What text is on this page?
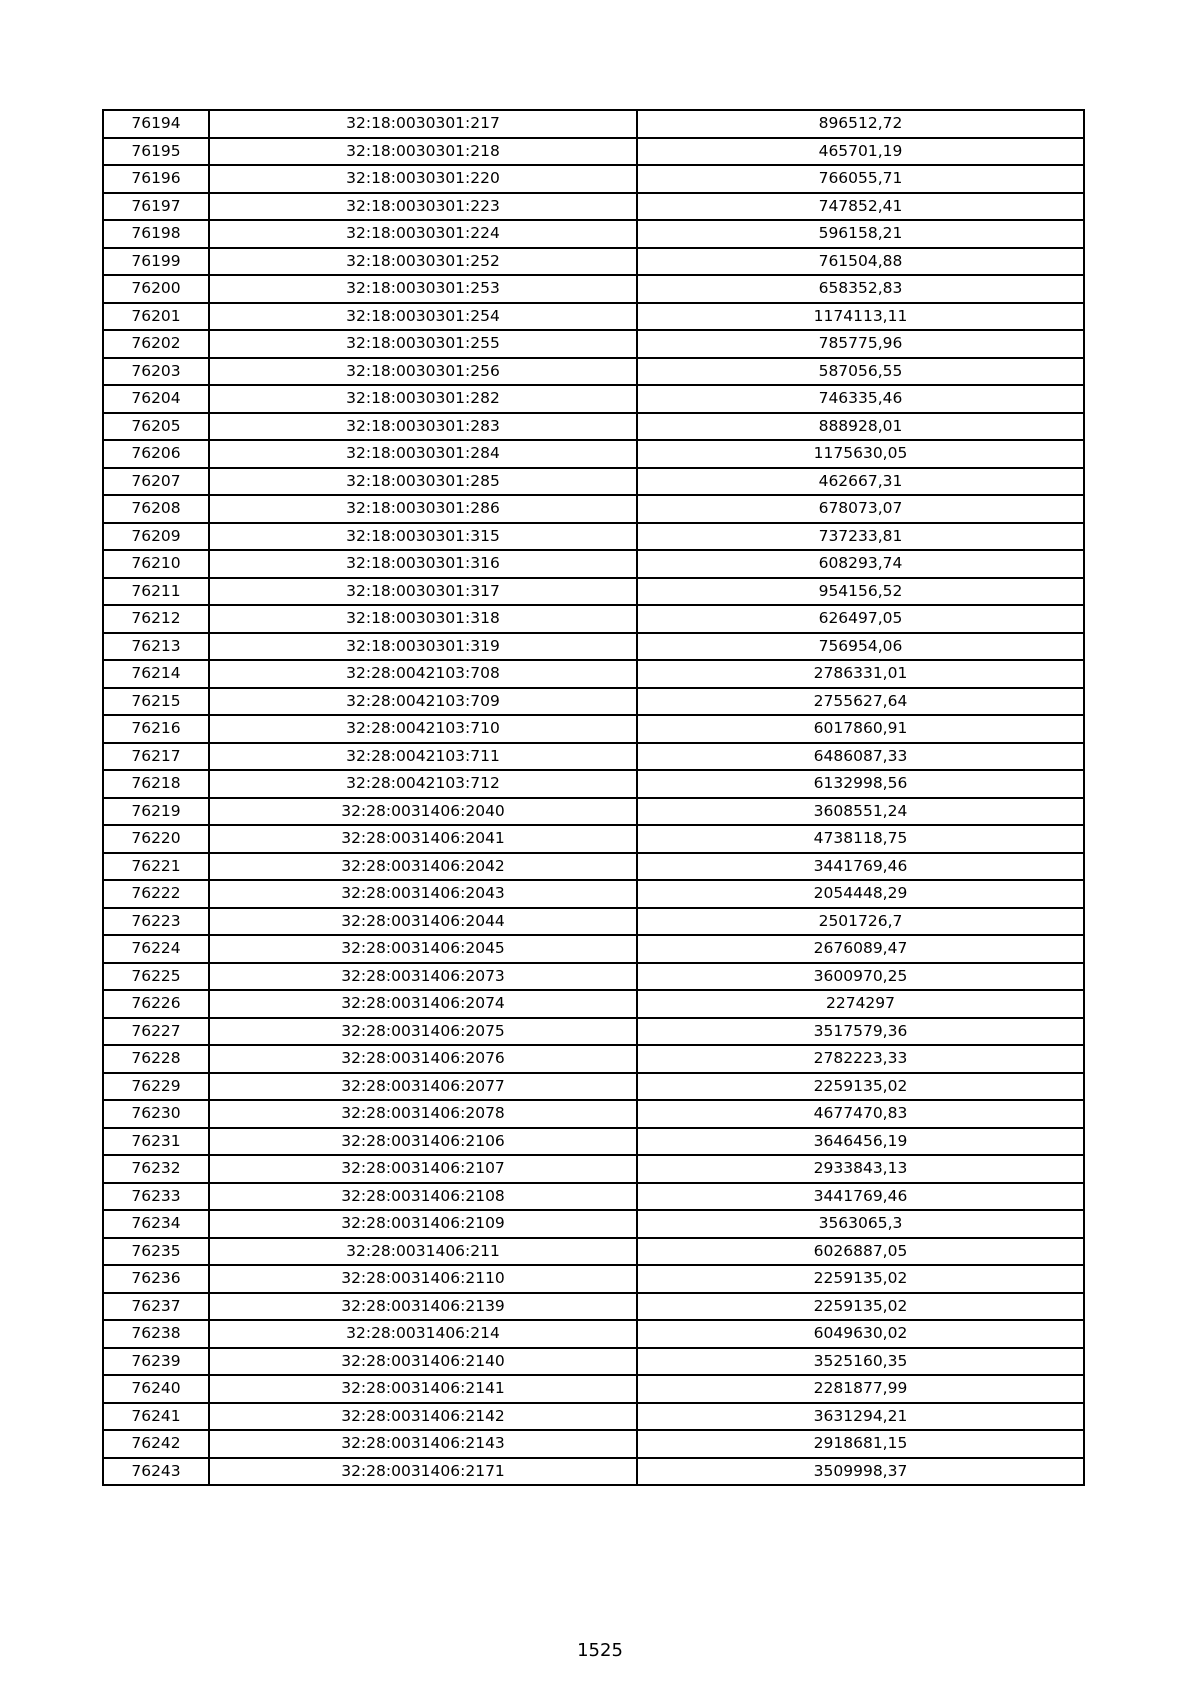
76194	32:18:0030301:217	896512,72
76195	32:18:0030301:218	465701,19
76196	32:18:0030301:220	766055,71
76197	32:18:0030301:223	747852,41
76198	32:18:0030301:224	596158,21
76199	32:18:0030301:252	761504,88
76200	32:18:0030301:253	658352,83
76201	32:18:0030301:254	1174113,11
76202	32:18:0030301:255	785775,96
76203	32:18:0030301:256	587056,55
76204	32:18:0030301:282	746335,46
76205	32:18:0030301:283	888928,01
76206	32:18:0030301:284	1175630,05
76207	32:18:0030301:285	462667,31
76208	32:18:0030301:286	678073,07
76209	32:18:0030301:315	737233,81
76210	32:18:0030301:316	608293,74
76211	32:18:0030301:317	954156,52
76212	32:18:0030301:318	626497,05
76213	32:18:0030301:319	756954,06
76214	32:28:0042103:708	2786331,01
76215	32:28:0042103:709	2755627,64
76216	32:28:0042103:710	6017860,91
76217	32:28:0042103:711	6486087,33
76218	32:28:0042103:712	6132998,56
76219	32:28:0031406:2040	3608551,24
76220	32:28:0031406:2041	4738118,75
76221	32:28:0031406:2042	3441769,46
76222	32:28:0031406:2043	2054448,29
76223	32:28:0031406:2044	2501726,7
76224	32:28:0031406:2045	2676089,47
76225	32:28:0031406:2073	3600970,25
76226	32:28:0031406:2074	2274297
76227	32:28:0031406:2075	3517579,36
76228	32:28:0031406:2076	2782223,33
76229	32:28:0031406:2077	2259135,02
76230	32:28:0031406:2078	4677470,83
76231	32:28:0031406:2106	3646456,19
76232	32:28:0031406:2107	2933843,13
76233	32:28:0031406:2108	3441769,46
76234	32:28:0031406:2109	3563065,3
76235	32:28:0031406:211	6026887,05
76236	32:28:0031406:2110	2259135,02
76237	32:28:0031406:2139	2259135,02
76238	32:28:0031406:214	6049630,02
76239	32:28:0031406:2140	3525160,35
76240	32:28:0031406:2141	2281877,99
76241	32:28:0031406:2142	3631294,21
76242	32:28:0031406:2143	2918681,15
76243	32:28:0031406:2171	3509998,37
1525
